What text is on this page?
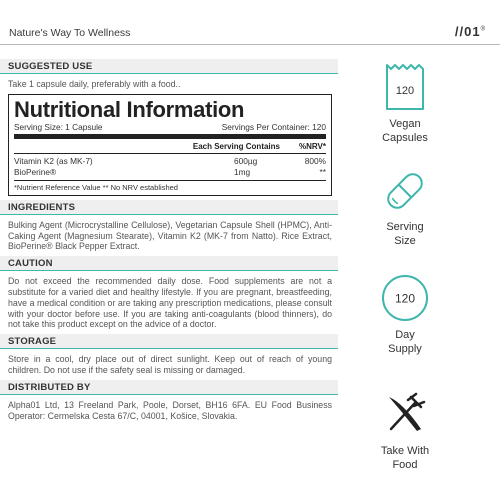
Nature's Way To Wellness	//01®
SUGGESTED USE
Take 1 capsule daily, preferably with a food..
Nutritional Information
Serving Size: 1 Capsule	Servings Per Container: 120
Each Serving Contains	%NRV*
Vitamin K2 (as MK-7)	600µg	800%
BioPerine®	1mg	**
*Nutrient Reference Value ** No NRV established
INGREDIENTS
Bulking Agent (Microcrystalline Cellulose), Vegetarian Capsule Shell (HPMC), Anti-Caking Agent (Magnesium Stearate), Vitamin K2 (MK-7 from Natto). Rice Extract, BioPerine® Black Pepper Extract.
CAUTION
Do not exceed the recommended daily dose. Food supplements are not a substitute for a varied diet and healthy lifestyle. If you are pregnant, breastfeeding, have a medical condition or are taking any prescription medications, please consult with your doctor before use. If you are taking anti-coagulants (blood thinners), do not take this product except on the advice of a doctor.
STORAGE
Store in a cool, dry place out of direct sunlight. Keep out of reach of young children. Do not use if the safety seal is missing or damaged.
DISTRIBUTED BY
Alpha01 Ltd, 13 Freeland Park, Poole, Dorset, BH16 6FA. EU Food Business Operator: Cermelska Cesta 67/C, 04001, Košice, Slovakia.
120
Vegan
Capsules
Serving
Size
120
Day
Supply
Take With
Food
